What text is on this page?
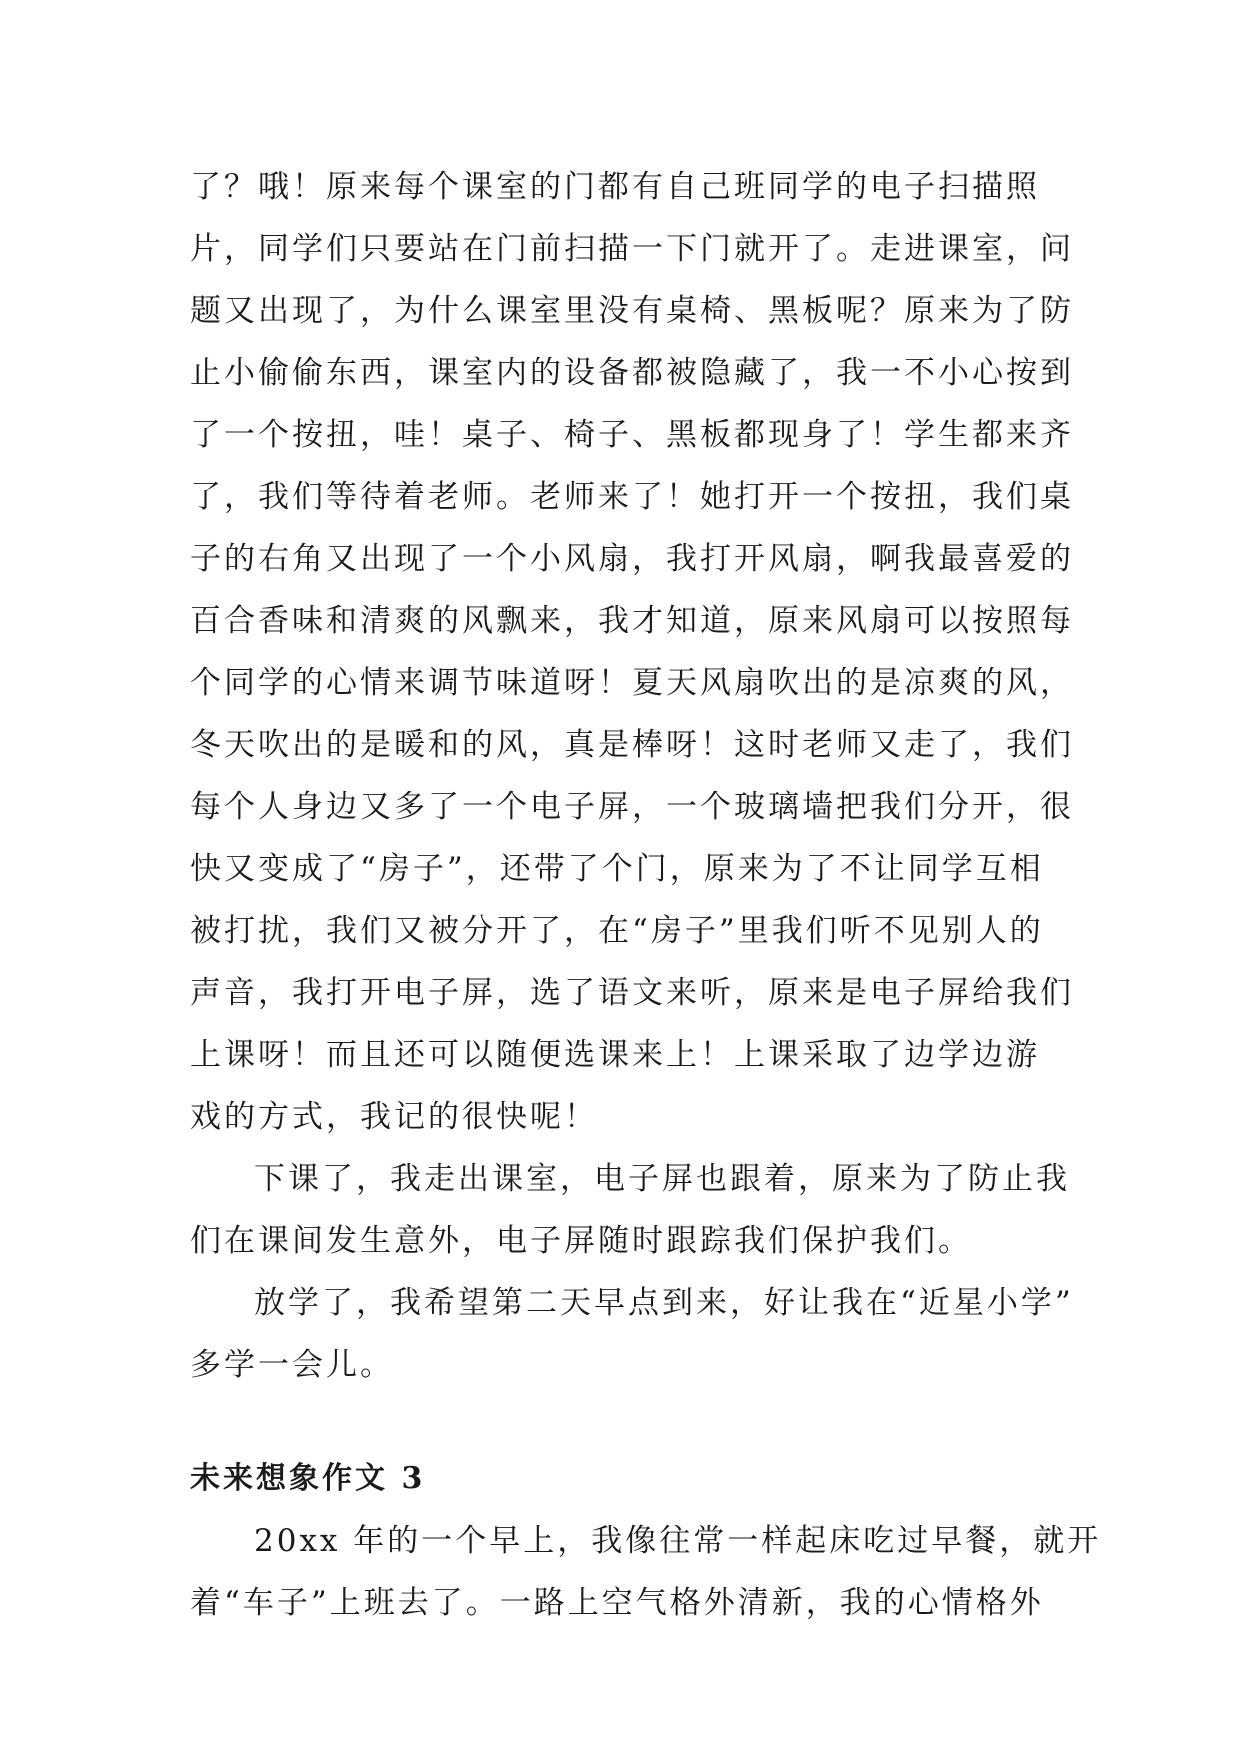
了？哦！原来每个课室的门都有自己班同学的电子扫描照
片，同学们只要站在门前扫描一下门就开了。走进课室，问
题又出现了，为什么课室里没有桌椅、黑板呢？原来为了防
止小偷偷东西，课室内的设备都被隐藏了，我一不小心按到
了一个按扭，哇！桌子、椅子、黑板都现身了！学生都来齐
了，我们等待着老师。老师来了！她打开一个按扭，我们桌
子的右角又出现了一个小风扇，我打开风扇，啊我最喜爱的
百合香味和清爽的风飘来，我才知道，原来风扇可以按照每
个同学的心情来调节味道呀！夏天风扇吹出的是凉爽的风，
冬天吹出的是暖和的风，真是棒呀！这时老师又走了，我们
每个人身边又多了一个电子屏，一个玻璃墙把我们分开，很
快又变成了“房子”，还带了个门，原来为了不让同学互相
被打扰，我们又被分开了，在“房子”里我们听不见别人的
声音，我打开电子屏，选了语文来听，原来是电子屏给我们
上课呀！而且还可以随便选课来上！上课采取了边学边游
戏的方式，我记的很快呢！

下课了，我走出课室，电子屏也跟着，原来为了防止我
们在课间发生意外，电子屏随时跟踪我们保护我们。

放学了，我希望第二天早点到来，好让我在“近星小学”
多学一会儿。

未来想象作文 3

20xx 年的一个早上，我像往常一样起床吃过早餐，就开
着“车子”上班去了。一路上空气格外清新，我的心情格外
